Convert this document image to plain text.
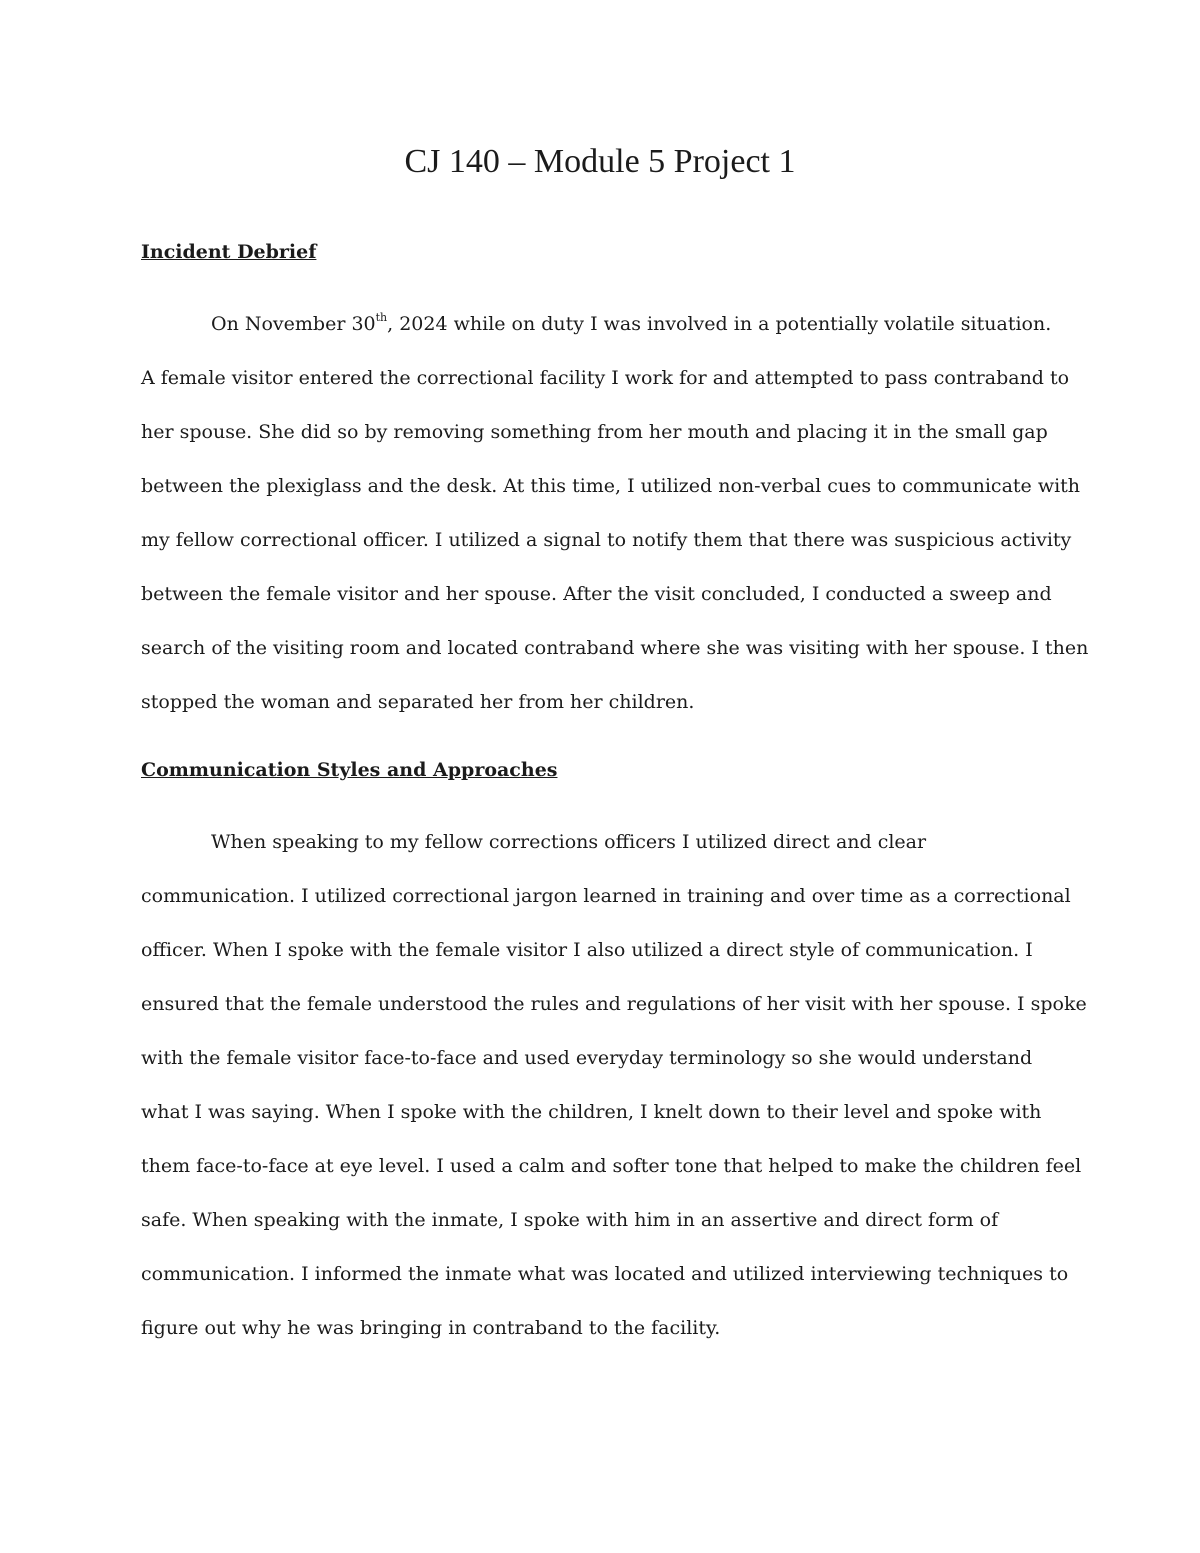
CJ 140 – Module 5 Project 1
Incident Debrief
On November 30th, 2024 while on duty I was involved in a potentially volatile situation.
A female visitor entered the correctional facility I work for and attempted to pass contraband to
her spouse. She did so by removing something from her mouth and placing it in the small gap
between the plexiglass and the desk. At this time, I utilized non-verbal cues to communicate with
my fellow correctional officer. I utilized a signal to notify them that there was suspicious activity
between the female visitor and her spouse. After the visit concluded, I conducted a sweep and
search of the visiting room and located contraband where she was visiting with her spouse. I then
stopped the woman and separated her from her children.
Communication Styles and Approaches
When speaking to my fellow corrections officers I utilized direct and clear
communication. I utilized correctional jargon learned in training and over time as a correctional
officer. When I spoke with the female visitor I also utilized a direct style of communication. I
ensured that the female understood the rules and regulations of her visit with her spouse. I spoke
with the female visitor face-to-face and used everyday terminology so she would understand
what I was saying. When I spoke with the children, I knelt down to their level and spoke with
them face-to-face at eye level. I used a calm and softer tone that helped to make the children feel
safe. When speaking with the inmate, I spoke with him in an assertive and direct form of
communication. I informed the inmate what was located and utilized interviewing techniques to
figure out why he was bringing in contraband to the facility.
